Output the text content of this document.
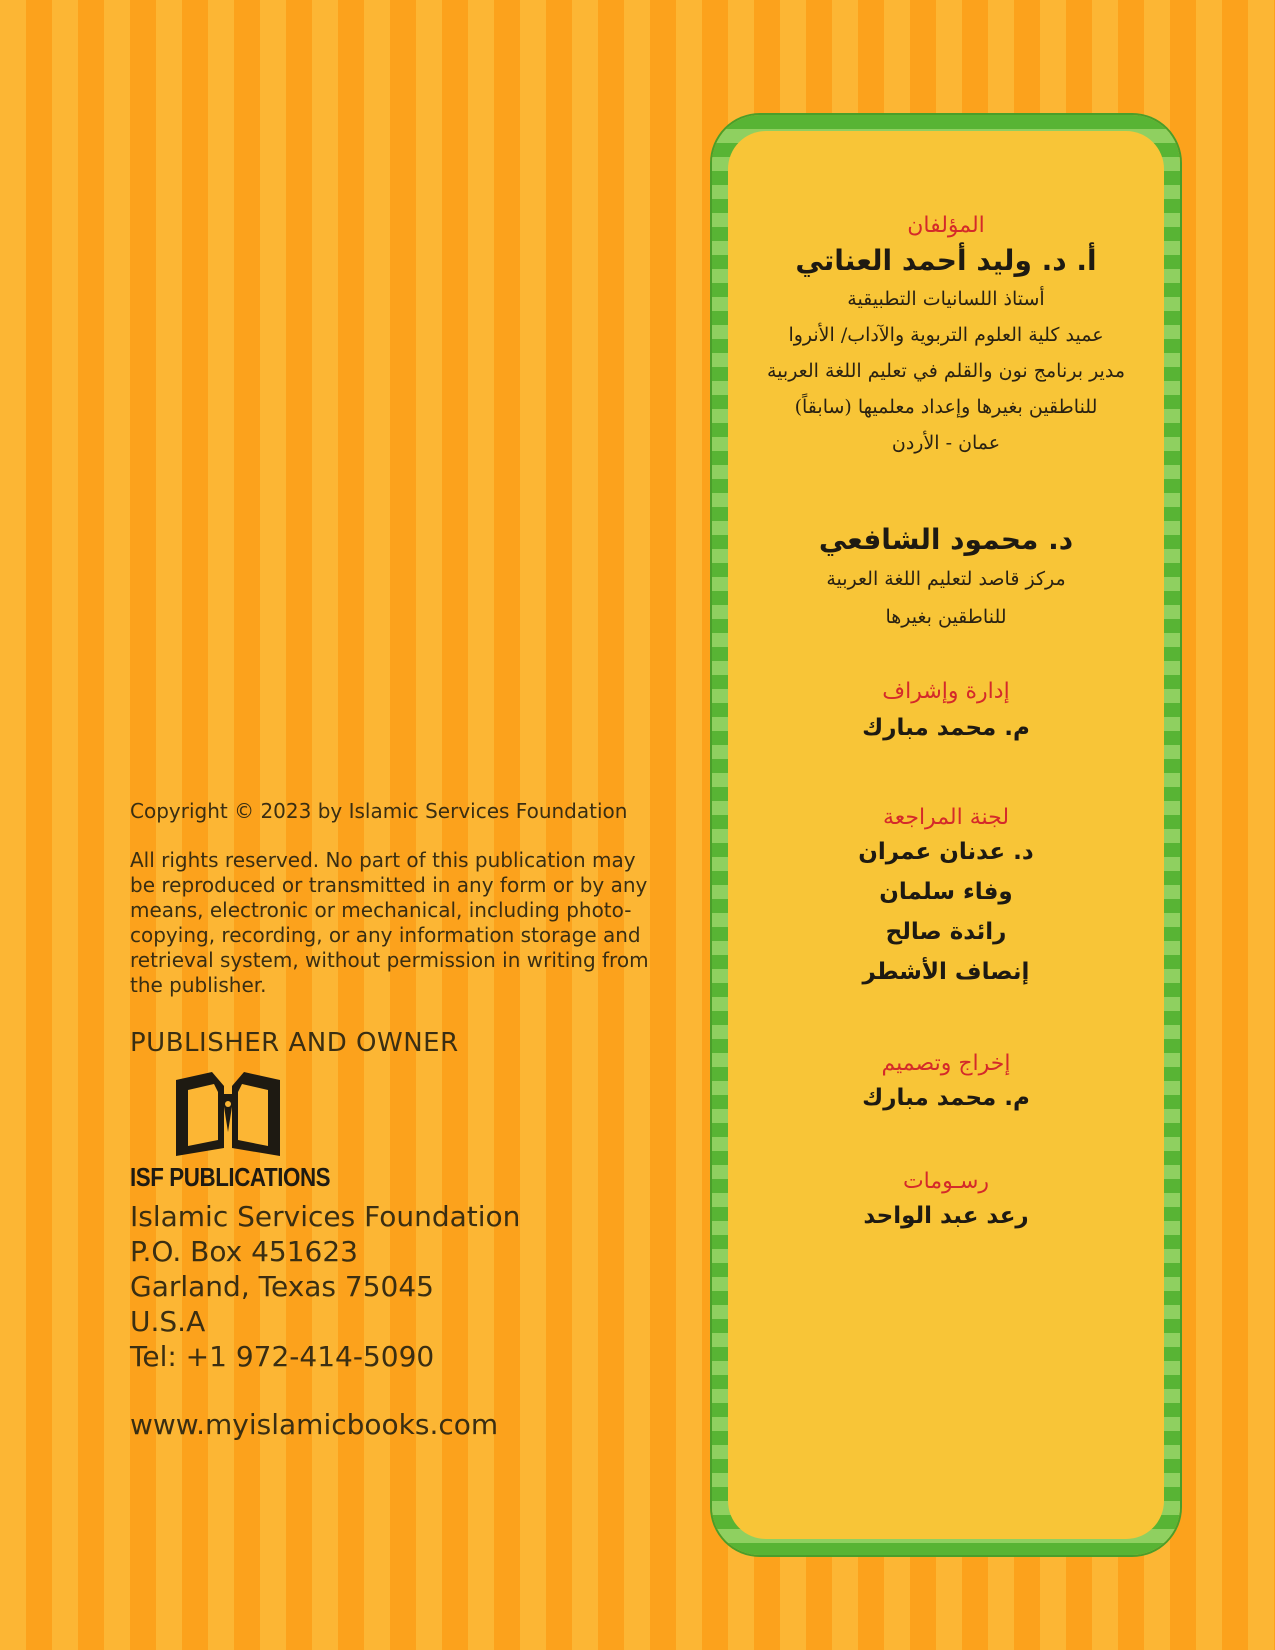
Copyright © 2023 by Islamic Services Foundation

All rights reserved. No part of this publication may be reproduced or transmitted in any form or by any means, electronic or mechanical, including photo-copying, recording, or any information storage and retrieval system, without permission in writing from the publisher.

PUBLISHER AND OWNER

ISF PUBLICATIONS
Islamic Services Foundation
P.O. Box 451623
Garland, Texas 75045
U.S.A
Tel: +1 972-414-5090
www.myislamicbooks.com

المؤلفان

أ. د. وليد أحمد العناتي

أستاذ اللسانيات التطبيقية
عميد كلية العلوم التربوية والآداب/ الأنروا
مدير برنامج نون والقلم في تعليم اللغة العربية
للناطقين بغيرها وإعداد معلميها (سابقاً)
عمان - الأردن

د. محمود الشافعي

مركز قاصد لتعليم اللغة العربية
للناطقين بغيرها

إدارة وإشراف

م. محمد مبارك

لجنة المراجعة

د. عدنان عمران

وفاء سلمان

رائدة صالح

إنصاف الأشطر

إخراج وتصميم

م. محمد مبارك

رسـومات

رعد عبد الواحد
